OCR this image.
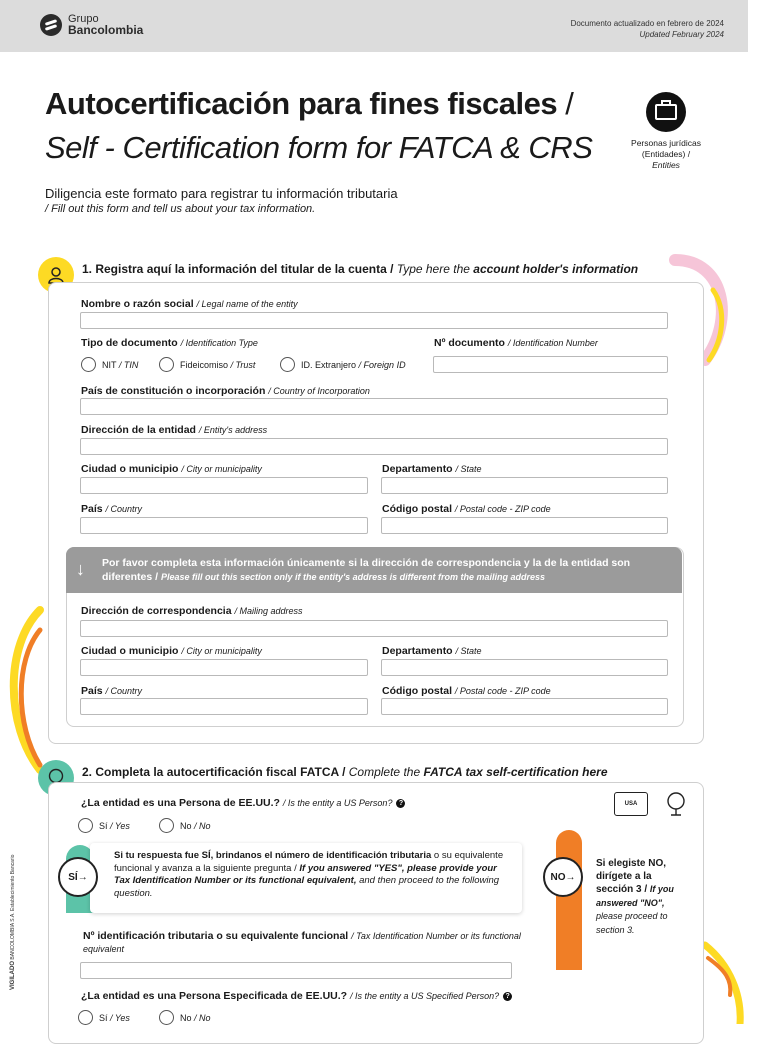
Grupo
Bancolombia	Documento actualizado en febrero de 2024
Updated February 2024
Autocertificación para fines fiscales /
Self - Certification form for FATCA & CRS	Personas jurídicas
(Entidades) /
Entities
Diligencia este formato para registrar tu información tributaria
/ Fill out this form and tell us about your tax information.
1. Registra aquí la información del titular de la cuenta / Type here the account holder's information
Nombre o razón social / Legal name of the entity
Tipo de documento / Identification Type
NIT / TIN	Fideicomiso / Trust	ID. Extranjero / Foreign ID
Nº documento / Identification Number
País de constitución o incorporación / Country of Incorporation
Dirección de la entidad / Entity's address
Ciudad o municipio / City or municipality	Departamento / State
País / Country	Código postal / Postal code - ZIP code
↓ Por favor completa esta información únicamente si la dirección de correspondencia y la de la entidad son diferentes / Please fill out this section only if the entity's address is different from the mailing address
Dirección de correspondencia / Mailing address
Ciudad o municipio / City or municipality	Departamento / State
País / Country	Código postal / Postal code - ZIP code
2. Completa la autocertificación fiscal FATCA / Complete the FATCA tax self-certification here
¿La entidad es una Persona de EE.UU.? / Is the entity a US Person? ?	USA
Sí / Yes	No / No
SÍ →
Si tu respuesta fue SÍ, brindanos el número de identificación tributaria o su equivalente funcional y avanza a la siguiente pregunta / If you answered "YES", please provide your Tax Identification Number or its functional equivalent, and then proceed to the following question.
NO →
Si elegiste NO, dirígete a la sección 3 / If you answered "NO", please proceed to section 3.
Nº identificación tributaria o su equivalente funcional / Tax Identification Number or its functional equivalent
¿La entidad es una Persona Especificada de EE.UU.? / Is the entity a US Specified Person? ?
Sí / Yes	No / No
VIGILADO BANCOLOMBIA S.A. Establecimiento Bancario
